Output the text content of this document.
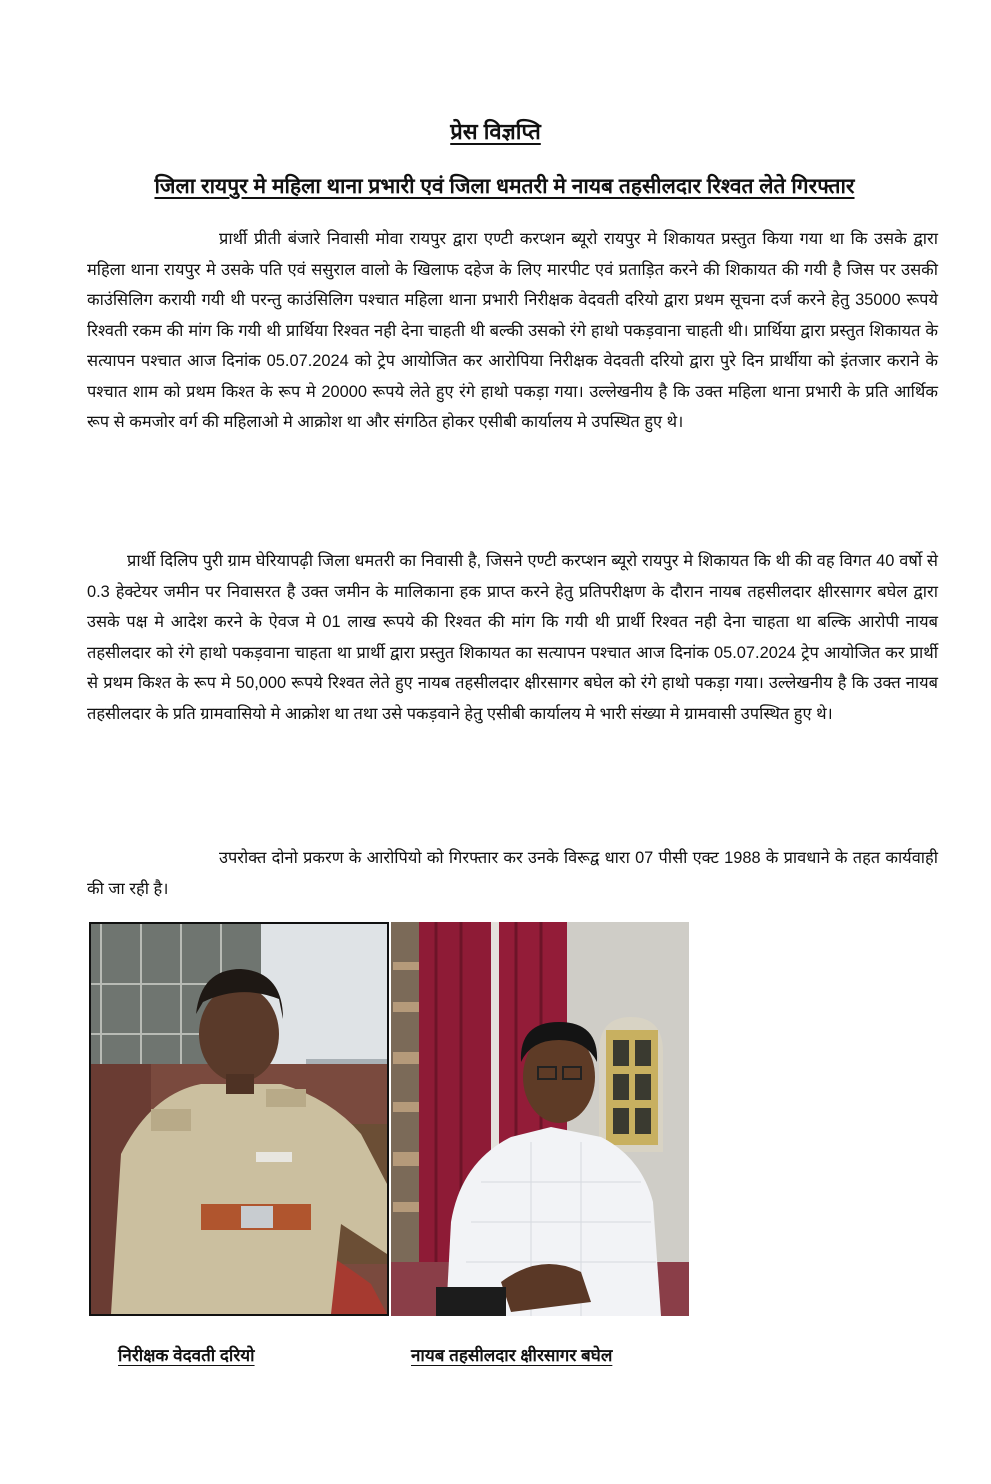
प्रेस विज्ञप्ति
जिला रायपुर मे महिला थाना प्रभारी एवं जिला धमतरी मे नायब तहसीलदार रिश्वत लेते गिरफ्तार
प्रार्थी प्रीती बंजारे निवासी मोवा रायपुर द्वारा एण्टी करप्शन ब्यूरो रायपुर मे शिकायत प्रस्तुत किया गया था कि उसके द्वारा महिला थाना रायपुर मे उसके पति एवं ससुराल वालो के खिलाफ दहेज के लिए मारपीट एवं प्रताड़ित करने की शिकायत की गयी है जिस पर उसकी काउंसिलिग करायी गयी थी परन्तु काउंसिलिग पश्चात महिला थाना प्रभारी निरीक्षक वेदवती दरियो द्वारा प्रथम सूचना दर्ज करने हेतु 35000 रूपये रिश्वती रकम की मांग कि गयी थी प्रार्थिया रिश्वत नही देना चाहती थी बल्की उसको रंगे हाथो पकड़वाना चाहती थी। प्रार्थिया द्वारा प्रस्तुत शिकायत के सत्यापन पश्चात आज दिनांक 05.07.2024 को ट्रेप आयोजित कर आरोपिया निरीक्षक वेदवती दरियो द्वारा पुरे दिन प्रार्थीया को इंतजार कराने के पश्चात शाम को प्रथम किश्त के रूप मे 20000 रूपये लेते हुए रंगे हाथो पकड़ा गया। उल्लेखनीय है कि उक्त महिला थाना प्रभारी के प्रति आर्थिक रूप से कमजोर वर्ग की महिलाओ मे आक्रोश था और संगठित होकर एसीबी कार्यालय मे उपस्थित हुए थे।
प्रार्थी दिलिप पुरी ग्राम घेरियापढ़ी जिला धमतरी का निवासी है, जिसने एण्टी करप्शन ब्यूरो रायपुर मे शिकायत कि थी की वह विगत 40 वर्षो से 0.3 हेक्टेयर जमीन पर निवासरत है उक्त जमीन के मालिकाना हक प्राप्त करने हेतु प्रतिपरीक्षण के दौरान नायब तहसीलदार क्षीरसागर बघेल द्वारा उसके पक्ष मे आदेश करने के ऐवज मे 01 लाख रूपये की रिश्वत की मांग कि गयी थी प्रार्थी रिश्वत नही देना चाहता था बल्कि आरोपी नायब तहसीलदार को रंगे हाथो पकड़वाना चाहता था प्रार्थी द्वारा प्रस्तुत शिकायत का सत्यापन पश्चात आज दिनांक 05.07.2024 ट्रेप आयोजित कर प्रार्थी से प्रथम किश्त के रूप मे 50,000 रूपये रिश्वत लेते हुए नायब तहसीलदार क्षीरसागर बघेल को रंगे हाथो पकड़ा गया। उल्लेखनीय है कि उक्त नायब तहसीलदार के प्रति ग्रामवासियो मे आक्रोश था तथा उसे पकड़वाने हेतु एसीबी कार्यालय मे भारी संख्या मे ग्रामवासी उपस्थित हुए थे।
उपरोक्त दोनो प्रकरण के आरोपियो को गिरफ्तार कर उनके विरूद्व धारा 07 पीसी एक्ट 1988 के प्रावधाने के तहत कार्यवाही की जा रही है।
निरीक्षक वेदवती दरियो	नायब तहसीलदार क्षीरसागर बघेल
